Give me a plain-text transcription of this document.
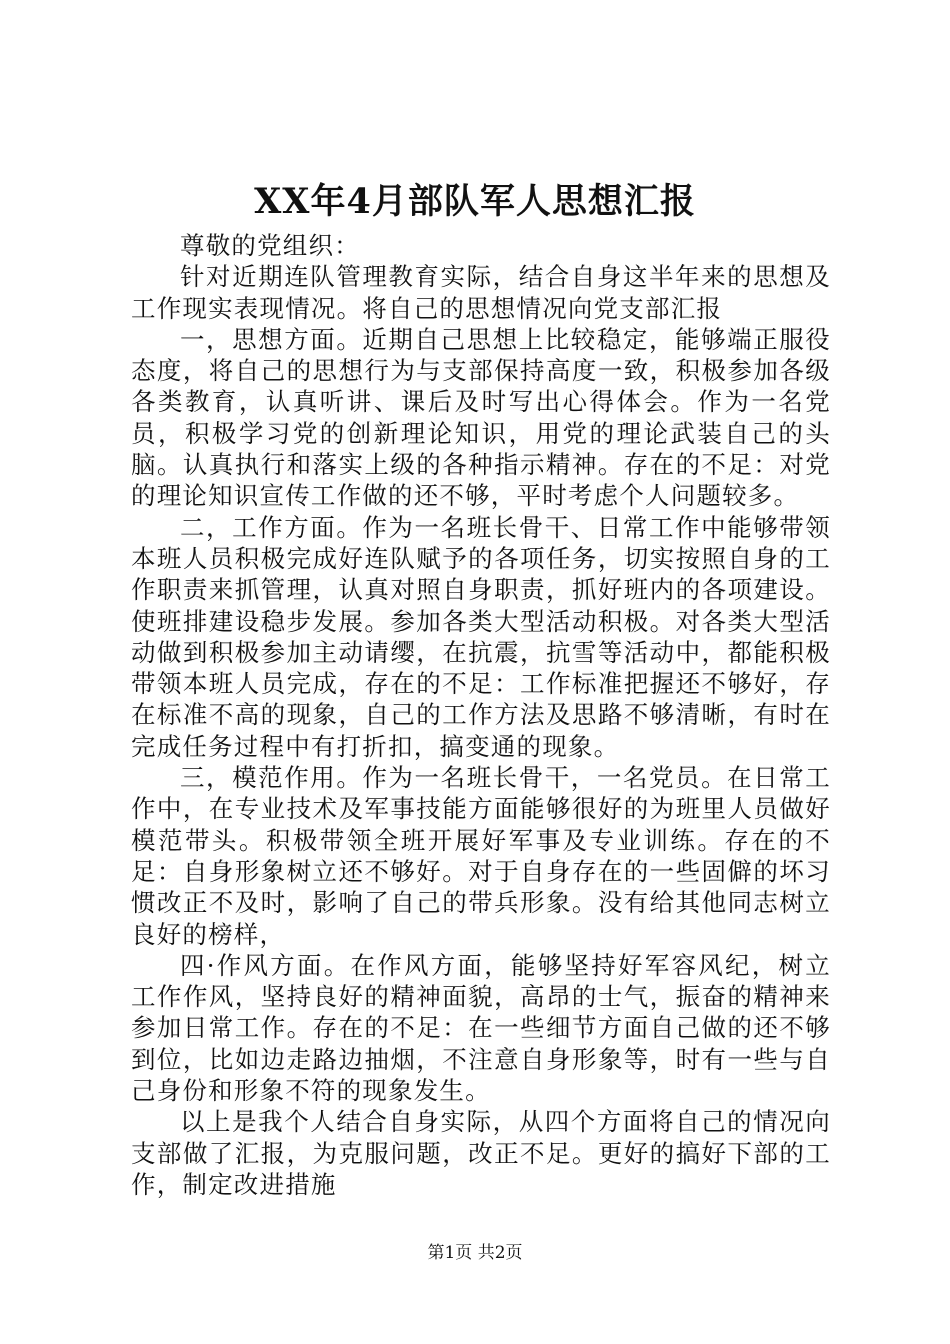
XX年4月部队军人思想汇报

尊敬的党组织：

针对近期连队管理教育实际，结合自身这半年来的思想及工作现实表现情况。将自己的思想情况向党支部汇报

一，思想方面。近期自己思想上比较稳定，能够端正服役态度，将自己的思想行为与支部保持高度一致，积极参加各级各类教育，认真听讲、课后及时写出心得体会。作为一名党员，积极学习党的创新理论知识，用党的理论武装自己的头脑。认真执行和落实上级的各种指示精神。存在的不足：对党的理论知识宣传工作做的还不够，平时考虑个人问题较多。

二，工作方面。作为一名班长骨干、日常工作中能够带领本班人员积极完成好连队赋予的各项任务，切实按照自身的工作职责来抓管理，认真对照自身职责，抓好班内的各项建设。使班排建设稳步发展。参加各类大型活动积极。对各类大型活动做到积极参加主动请缨，在抗震，抗雪等活动中，都能积极带领本班人员完成，存在的不足：工作标准把握还不够好，存在标准不高的现象，自己的工作方法及思路不够清晰，有时在完成任务过程中有打折扣，搞变通的现象。

三，模范作用。作为一名班长骨干，一名党员。在日常工作中，在专业技术及军事技能方面能够很好的为班里人员做好模范带头。积极带领全班开展好军事及专业训练。存在的不足：自身形象树立还不够好。对于自身存在的一些固僻的坏习惯改正不及时，影响了自己的带兵形象。没有给其他同志树立良好的榜样，

四·作风方面。在作风方面，能够坚持好军容风纪，树立工作作风，坚持良好的精神面貌，高昂的士气，振奋的精神来参加日常工作。存在的不足：在一些细节方面自己做的还不够到位，比如边走路边抽烟，不注意自身形象等，时有一些与自己身份和形象不符的现象发生。

以上是我个人结合自身实际，从四个方面将自己的情况向支部做了汇报，为克服问题，改正不足。更好的搞好下部的工作，制定改进措施

第1页 共2页
